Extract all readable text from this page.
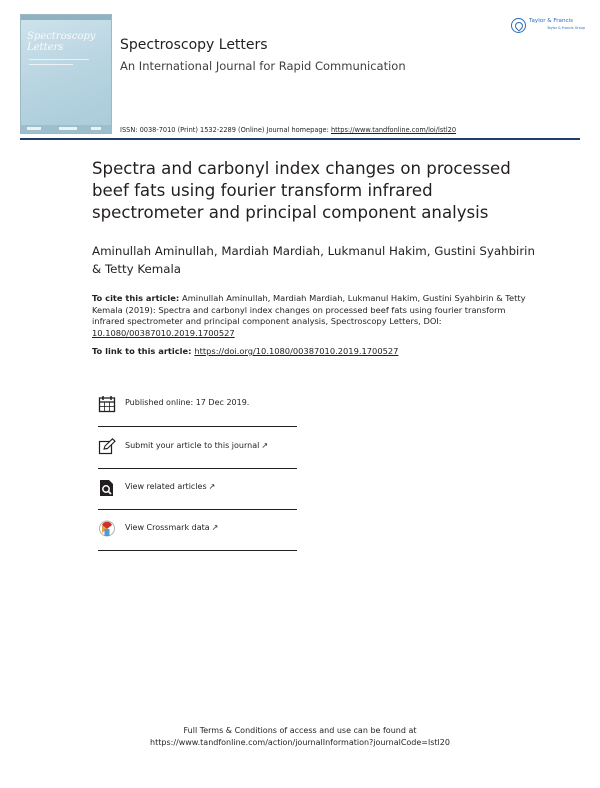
Spectroscopy
Letters	Spectroscopy Letters
An International Journal for Rapid Communication
ISSN: 0038-7010 (Print) 1532-2289 (Online) Journal homepage: https://www.tandfonline.com/loi/lstl20
Taylor & Francis
Taylor & Francis Group
Spectra and carbonyl index changes on processed beef fats using fourier transform infrared spectrometer and principal component analysis
Aminullah Aminullah, Mardiah Mardiah, Lukmanul Hakim, Gustini Syahbirin & Tetty Kemala
To cite this article: Aminullah Aminullah, Mardiah Mardiah, Lukmanul Hakim, Gustini Syahbirin & Tetty Kemala (2019): Spectra and carbonyl index changes on processed beef fats using fourier transform infrared spectrometer and principal component analysis, Spectroscopy Letters, DOI: 10.1080/00387010.2019.1700527
To link to this article: https://doi.org/10.1080/00387010.2019.1700527
Published online: 17 Dec 2019.
Submit your article to this journal ↗
View related articles ↗
View Crossmark data ↗
Full Terms & Conditions of access and use can be found at
https://www.tandfonline.com/action/journalInformation?journalCode=lstl20
